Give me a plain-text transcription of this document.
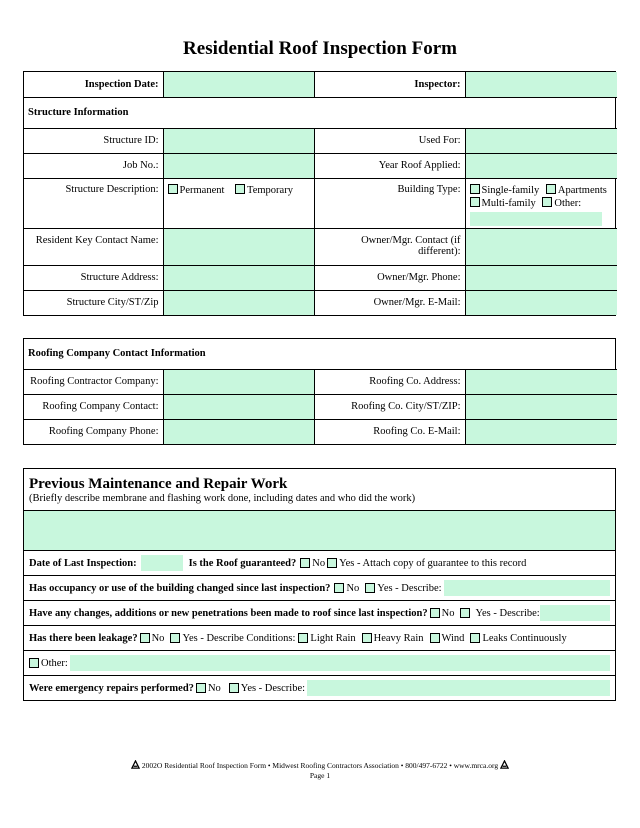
Residential Roof Inspection Form
Inspection Date:		Inspector:	
Structure Information			
Structure ID:		Used For:	
Job No.:		Year Roof Applied:	
Structure Description:	Permanent Temporary	Building Type:	Single-family Apartments
Multi-family Other:

Resident Key Contact Name:		Owner/Mgr. Contact (if different):	
Structure Address:		Owner/Mgr. Phone:	
Structure City/ST/Zip		Owner/Mgr. E-Mail:	
Roofing Company Contact Information			
Roofing Contractor Company:		Roofing Co. Address:	
Roofing Company Contact:		Roofing Co. City/ST/ZIP:	
Roofing Company Phone:		Roofing Co. E-Mail:	
Previous Maintenance and Repair Work
(Briefly describe membrane and flashing work done, including dates and who did the work)
Date of Last Inspection:	Is the Roof guaranteed? No Yes - Attach copy of guarantee to this record
Has occupancy or use of the building changed since last inspection? No Yes - Describe:
Have any changes, additions or new penetrations been made to roof since last inspection? No Yes - Describe:
Has there been leakage? No Yes - Describe Conditions: Light Rain Heavy Rain Wind Leaks Continuously
Other:
Were emergency repairs performed? No Yes - Describe:
2002O Residential Roof Inspection Form • Midwest Roofing Contractors Association • 800/497-6722 • www.mrca.org
Page 1
